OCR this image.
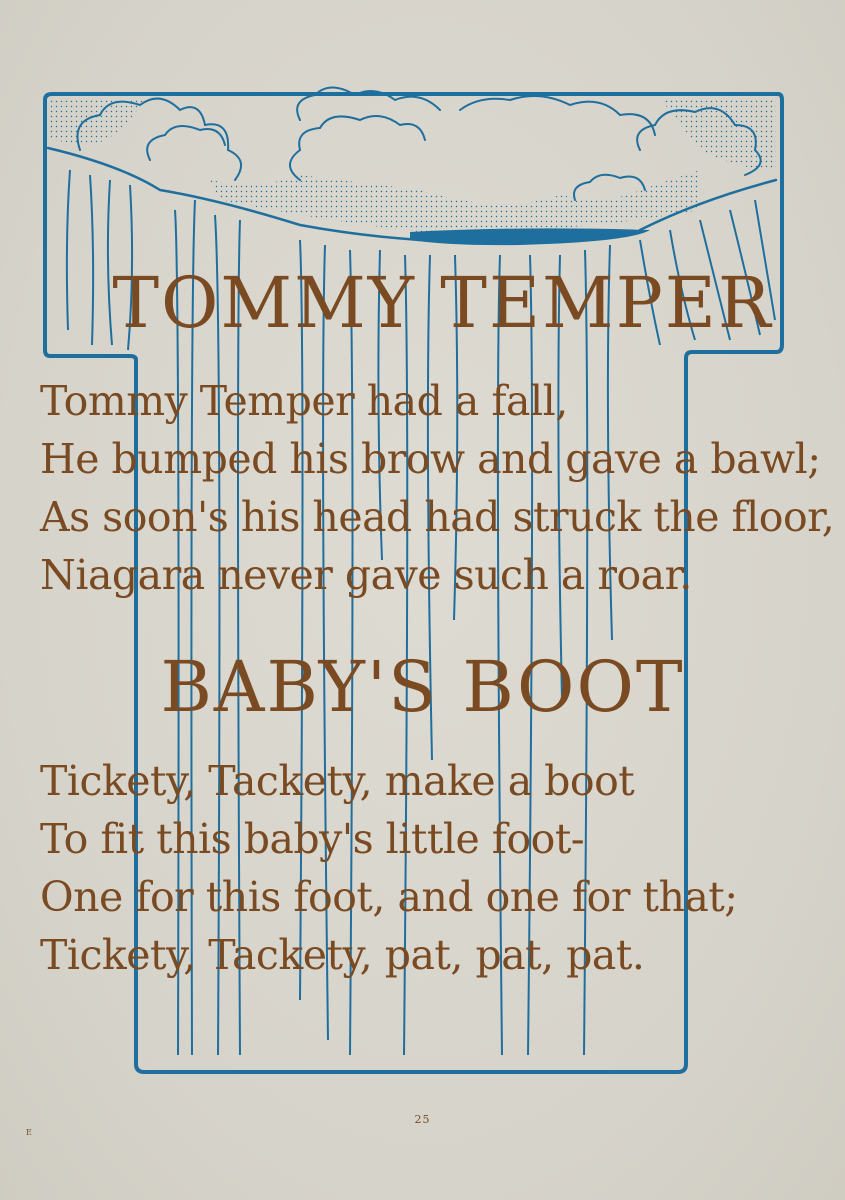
TOMMY TEMPER
Tommy Temper had a fall,
He bumped his brow and gave a bawl;
As soon's his head had struck the floor,
Niagara never gave such a roar.
BABY'S BOOT
Tickety, Tackety, make a boot
To fit this baby's little foot-
One for this foot, and one for that;
Tickety, Tackety, pat, pat, pat.
25
E
